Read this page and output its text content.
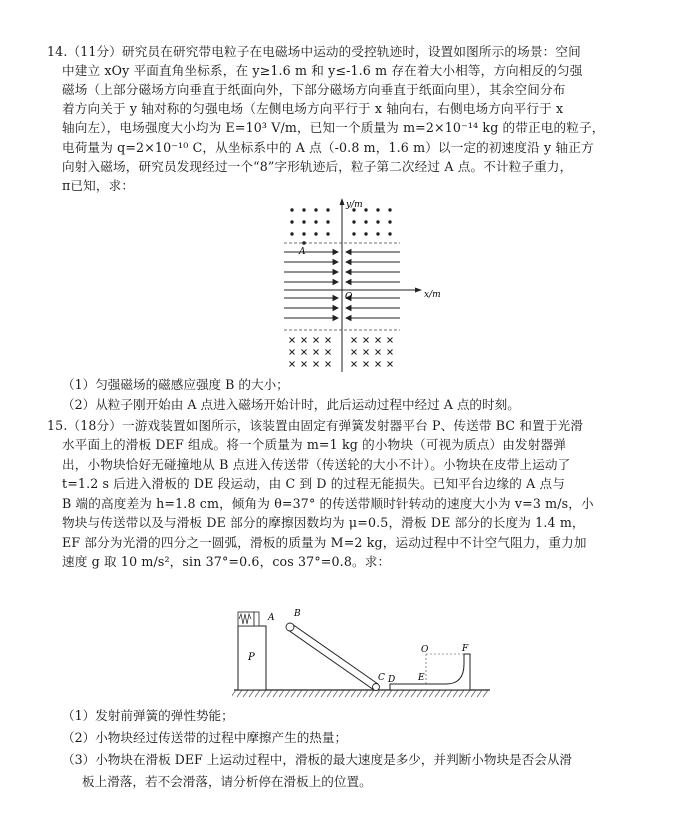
14.（11分）研究员在研究带电粒子在电磁场中运动的受控轨迹时，设置如图所示的场景：空间
中建立 xOy 平面直角坐标系，在 y≥1.6 m 和 y≤-1.6 m 存在着大小相等，方向相反的匀强
磁场（上部分磁场方向垂直于纸面向外，下部分磁场方向垂直于纸面向里），其余空间分布
着方向关于 y 轴对称的匀强电场（左侧电场方向平行于 x 轴向右，右侧电场方向平行于 x
轴向左），电场强度大小均为 E=10³ V/m，已知一个质量为 m=2×10⁻¹⁴ kg 的带正电的粒子，
电荷量为 q=2×10⁻¹⁰ C，从坐标系中的 A 点（-0.8 m，1.6 m）以一定的初速度沿 y 轴正方
向射入磁场，研究员发现经过一个“8”字形轨迹后，粒子第二次经过 A 点。不计粒子重力，
π已知，求：
y/m
x/m
A
O
（1）匀强磁场的磁感应强度 B 的大小；
（2）从粒子刚开始由 A 点进入磁场开始计时，此后运动过程中经过 A 点的时刻。
15.（18分）一游戏装置如图所示，该装置由固定有弹簧发射器平台 P、传送带 BC 和置于光滑
水平面上的滑板 DEF 组成。将一个质量为 m=1 kg 的小物块（可视为质点）由发射器弹
出，小物块恰好无碰撞地从 B 点进入传送带（传送轮的大小不计）。小物块在皮带上运动了
t=1.2 s 后进入滑板的 DE 段运动，由 C 到 D 的过程无能损失。已知平台边缘的 A 点与
B 端的高度差为 h=1.8 cm，倾角为 θ=37° 的传送带顺时针转动的速度大小为 v=3 m/s，小
物块与传送带以及与滑板 DE 部分的摩擦因数均为 μ=0.5，滑板 DE 部分的长度为 1.4 m，
EF 部分为光滑的四分之一圆弧，滑板的质量为 M=2 kg，运动过程中不计空气阻力，重力加
速度 g 取 10 m/s²，sin 37°=0.6，cos 37°=0.8。求：
A
P
B
C D	E
O	F
（1）发射前弹簧的弹性势能；
（2）小物块经过传送带的过程中摩擦产生的热量；
（3）小物块在滑板 DEF 上运动过程中，滑板的最大速度是多少，并判断小物块是否会从滑
板上滑落，若不会滑落，请分析停在滑板上的位置。
